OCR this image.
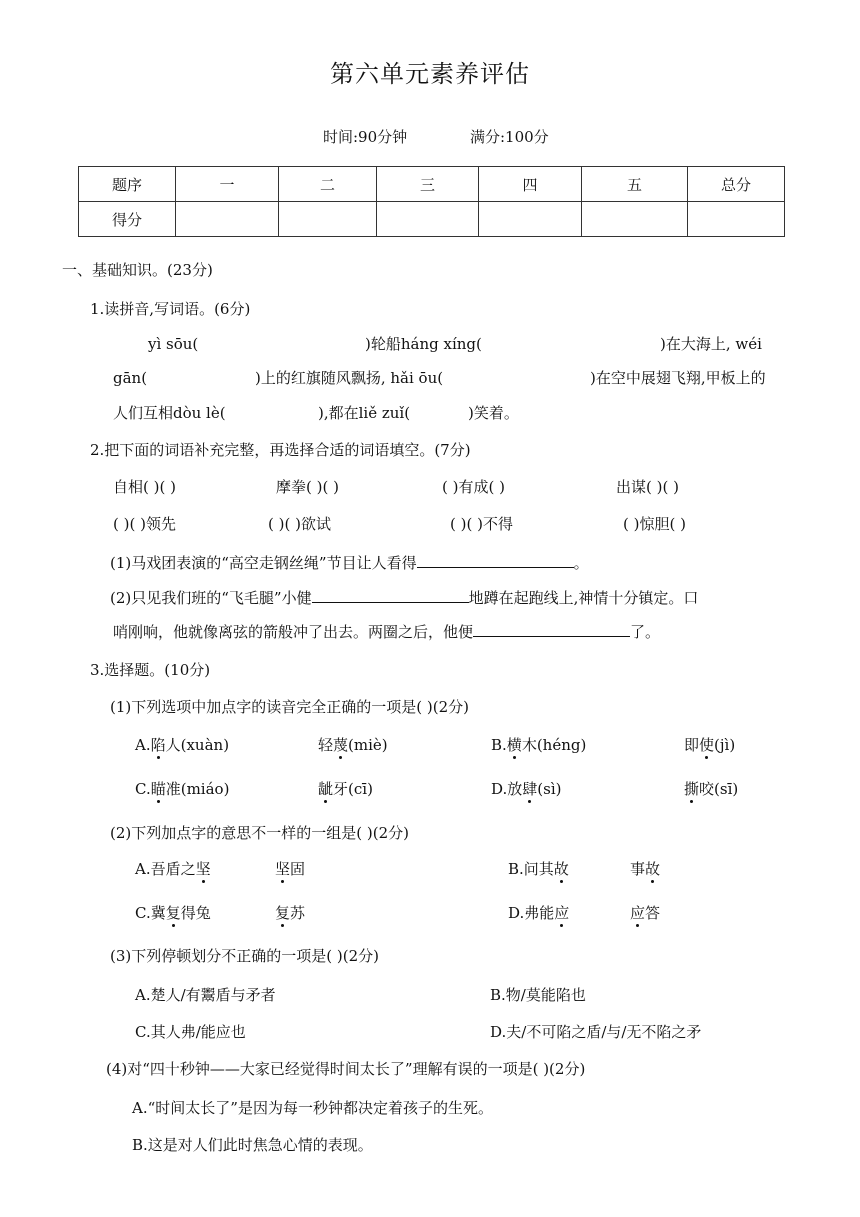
第六单元素养评估
时间:90分钟	满分:100分
题序	一	二	三	四	五	总分
得分						
一、基础知识。(23分)
1.读拼音,写词语。(6分)
yì sōu(	)轮船háng xíng(	)在大海上, wéi
gān(	)上的红旗随风飘扬, hǎi ōu(	)在空中展翅飞翔,甲板上的
人们互相dòu lè(	),都在liě zuǐ(	)笑着。
2.把下面的词语补充完整，再选择合适的词语填空。(7分)
自相( )( )	摩拳( )( )	( )有成( )	出谋( )( )
( )( )领先	( )( )欲试	( )( )不得	( )惊胆( )
(1)马戏团表演的“高空走钢丝绳”节目让人看得	。
(2)只见我们班的“飞毛腿”小健	地蹲在起跑线上,神情十分镇定。口
哨刚响，他就像离弦的箭般冲了出去。两圈之后，他便	了。
3.选择题。(10分)
(1)下列选项中加点字的读音完全正确的一项是( )(2分)
A.陷人(xuàn)	轻蔑(miè)	B.横木(héng)	即使(jì)
C.瞄准(miáo)	龇牙(cī)	D.放肆(sì)	撕咬(sī)
(2)下列加点字的意思不一样的一组是( )(2分)
A.吾盾之坚	坚固	B.问其故	事故
C.冀复得兔	复苏	D.弗能应	应答
(3)下列停顿划分不正确的一项是( )(2分)
A.楚人/有鬻盾与矛者	B.物/莫能陷也
C.其人弗/能应也	D.夫/不可陷之盾/与/无不陷之矛
(4)对“四十秒钟——大家已经觉得时间太长了”理解有误的一项是( )(2分)
A.“时间太长了”是因为每一秒钟都决定着孩子的生死。
B.这是对人们此时焦急心情的表现。
